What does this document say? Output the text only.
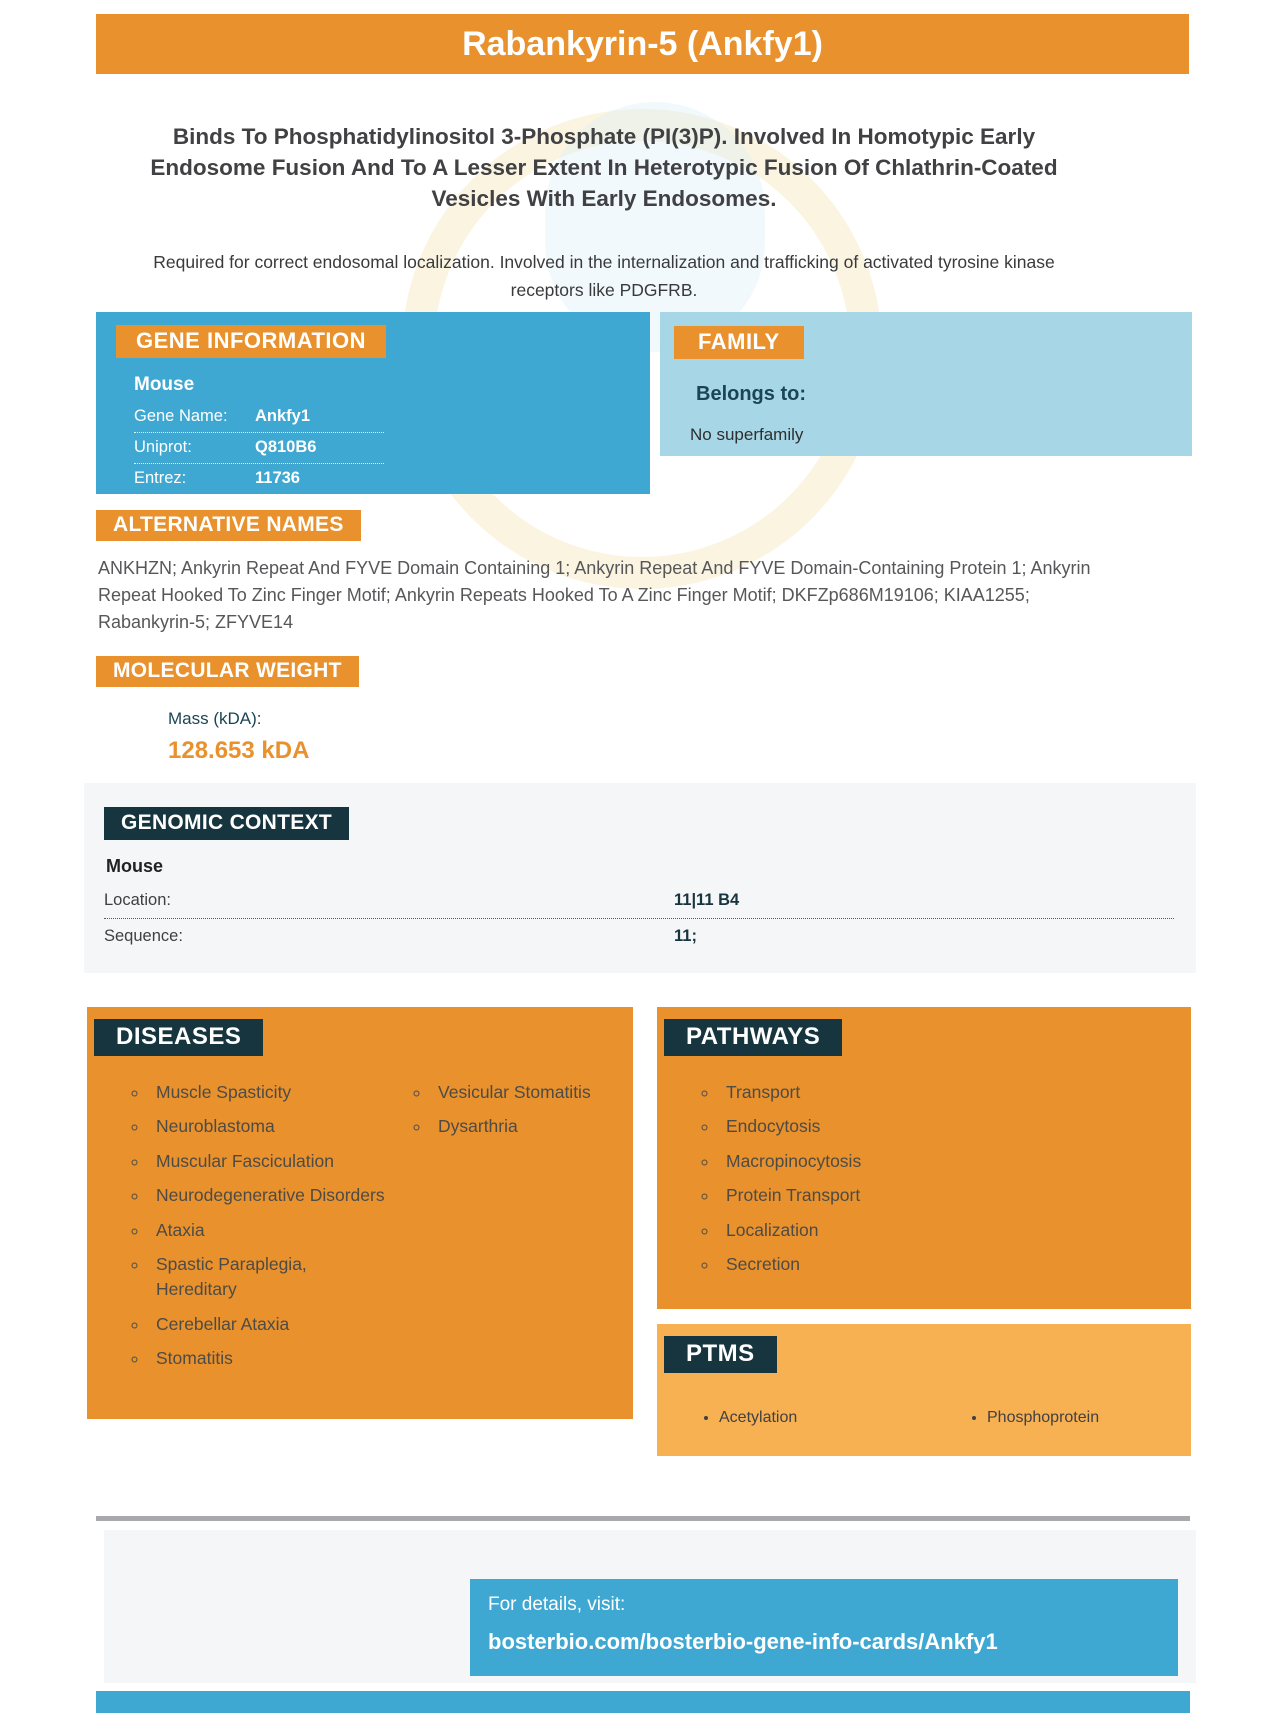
Rabankyrin-5 (Ankfy1)
Binds To Phosphatidylinositol 3-Phosphate (PI(3)P). Involved In Homotypic Early Endosome Fusion And To A Lesser Extent In Heterotypic Fusion Of Chlathrin-Coated Vesicles With Early Endosomes.
Required for correct endosomal localization. Involved in the internalization and trafficking of activated tyrosine kinase receptors like PDGFRB.
GENE INFORMATION
Mouse
Gene Name: Ankfy1
Uniprot:	Q810B6
Entrez:	11736
FAMILY
Belongs to:
No superfamily
ALTERNATIVE NAMES
ANKHZN; Ankyrin Repeat And FYVE Domain Containing 1; Ankyrin Repeat And FYVE Domain-Containing Protein 1; Ankyrin Repeat Hooked To Zinc Finger Motif; Ankyrin Repeats Hooked To A Zinc Finger Motif; DKFZp686M19106; KIAA1255; Rabankyrin-5; ZFYVE14
MOLECULAR WEIGHT
Mass (kDA):
128.653 kDA
GENOMIC CONTEXT
Mouse
Location:	11|11 B4
Sequence:	11;
DISEASES
◦ Muscle Spasticity
◦ Neuroblastoma
◦ Muscular Fasciculation
◦ Neurodegenerative Disorders
◦ Ataxia
◦ Spastic Paraplegia, Hereditary
◦ Cerebellar Ataxia
◦ Stomatitis
◦ Vesicular Stomatitis
◦ Dysarthria
PATHWAYS
◦ Transport
◦ Endocytosis
◦ Macropinocytosis
◦ Protein Transport
◦ Localization
◦ Secretion
PTMS
• Acetylation	• Phosphoprotein
For details, visit:
bosterbio.com/bosterbio-gene-info-cards/Ankfy1
